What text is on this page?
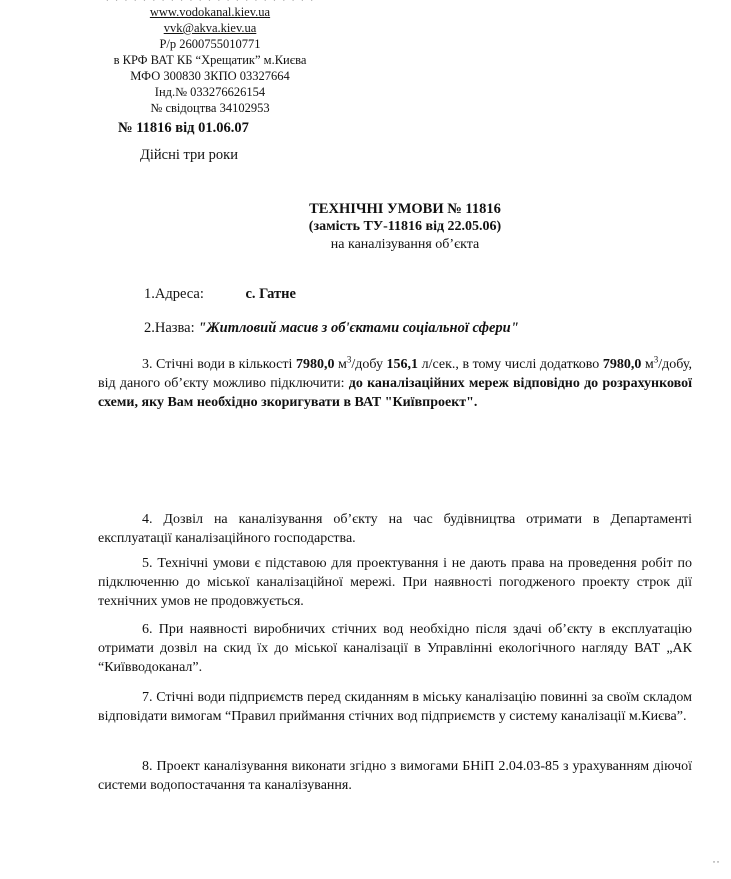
www.vodokanal.kiev.ua
vvk@akva.kiev.ua
Р/р 2600755010771
в КРФ ВАТ КБ “Хрещатик” м.Києва
МФО 300830 ЗКПО 03327664
Інд.№ 033276626154
№ свідоцтва 34102953
№ 11816 від 01.06.07
Дійсні три роки
ТЕХНІЧНІ УМОВИ № 11816
(замість ТУ-11816 від 22.05.06)
на каналізування об’єкта
1.Адреса:	с. Гатне
2.Назва: "Житловий масив з об'єктами соціальної сфери"
3. Стічні води в кількості 7980,0 $м^3$/добу 156,1 л/сек., в тому числі додатково 7980,0 $м^3$/добу, від даного об’єкту можливо підключити: до каналізаційних мереж відповідно до розрахункової схеми, яку Вам необхідно зкоригувати в ВАТ "Київпроект".
4. Дозвіл на каналізування об’єкту на час будівництва отримати в Департаменті експлуатації каналізаційного господарства.
5. Технічні умови є підставою для проектування і не дають права на проведення робіт по підключенню до міської каналізаційної мережі. При наявності погодженого проекту строк дії технічних умов не продовжується.
6. При наявності виробничих стічних вод необхідно після здачі об’єкту в експлуатацію отримати дозвіл на скид їх до міської каналізації в Управлінні екологічного нагляду ВАТ „АК “Київводоканал”.
7. Стічні води підприємств перед скиданням в міську каналізацію повинні за своїм складом відповідати вимогам “Правил приймання стічних вод підприємств у систему каналізації м.Києва”.
8. Проект каналізування виконати згідно з вимогами БНіП 2.04.03-85 з урахуванням діючої системи водопостачання та каналізування.
˙˙
